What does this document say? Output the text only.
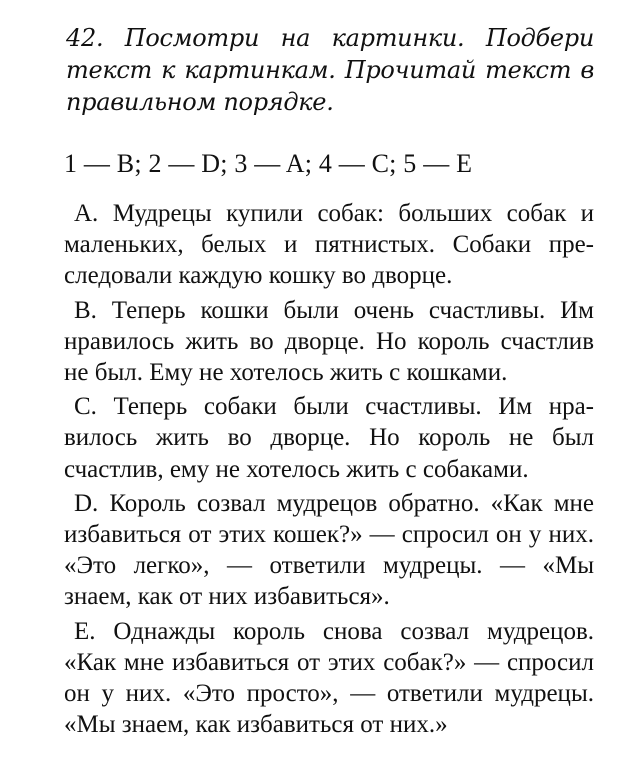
42. Посмотри на картинки. Подбери текст к картинкам. Прочитай текст в правильном порядке.
1 — B; 2 — D; 3 — A; 4 — C; 5 — E

A. Мудрецы купили собак: больших собак и маленьких, белых и пятнистых. Собаки преследовали каждую кошку во дворце.

B. Теперь кошки были очень счастливы. Им нравилось жить во дворце. Но король счастлив не был. Ему не хотелось жить с кошками.

C. Теперь собаки были счастливы. Им нравилось жить во дворце. Но король не был счастлив, ему не хотелось жить с собаками.

D. Король созвал мудрецов обратно. «Как мне избавиться от этих кошек?» — спросил он у них. «Это легко», — ответили мудрецы. — «Мы знаем, как от них избавиться».

E. Однажды король снова созвал мудрецов. «Как мне избавиться от этих собак?» — спросил он у них. «Это просто», — ответили мудрецы. «Мы знаем, как избавиться от них.»
